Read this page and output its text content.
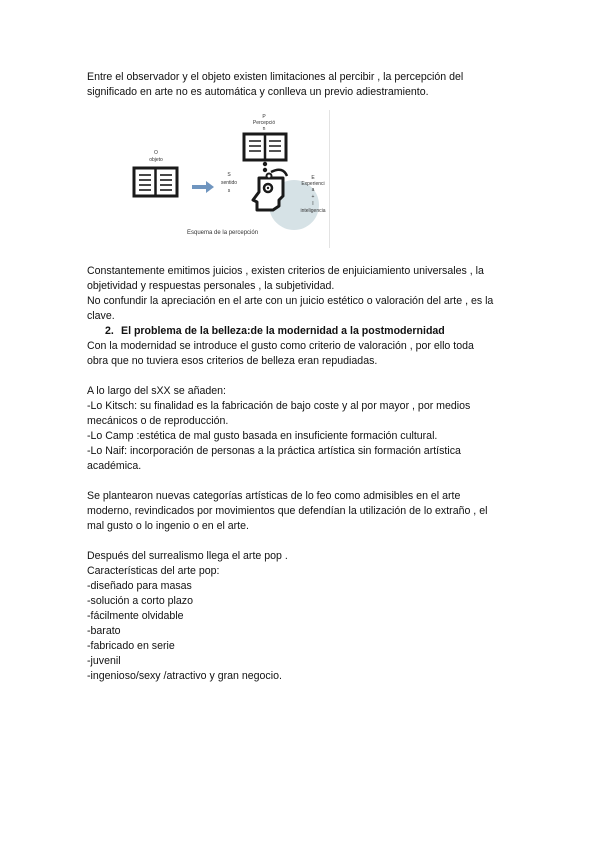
Entre el observador y el objeto existen limitaciones al percibir , la percepción del

significado en arte no es automática y conlleva un previo adiestramiento.

O
objeto
S
sentido
s
P
Percepció
n
E
Experienci
a
+
I
inteligencia
Esquema de la percepción

Constantemente emitimos juicios , existen criterios de enjuiciamiento universales , la

objetividad y respuestas personales , la subjetividad.

No confundir la apreciación en el arte con un juicio estético o valoración del arte , es la

clave.

2. El problema de la belleza:de la modernidad a la postmodernidad

Con la modernidad se introduce el gusto como criterio de valoración , por ello toda

obra que no tuviera esos criterios de belleza eran repudiadas.

A lo largo del sXX se añaden:

-Lo Kitsch: su finalidad es la fabricación de bajo coste y al por mayor , por medios

mecánicos o de reproducción.

-Lo Camp :estética de mal gusto basada en insuficiente formación cultural.

-Lo Naif: incorporación de personas a la práctica artística sin formación artística

académica.

Se plantearon nuevas categorías artísticas de lo feo como admisibles en el arte

moderno, revindicados por movimientos que defendían la utilización de lo extraño , el

mal gusto o lo ingenio o en el arte.

Después del surrealismo llega el arte pop .

Características del arte pop:

-diseñado para masas

-solución a corto plazo

-fácilmente olvidable

-barato

-fabricado en serie

-juvenil

-ingenioso/sexy /atractivo y gran negocio.
